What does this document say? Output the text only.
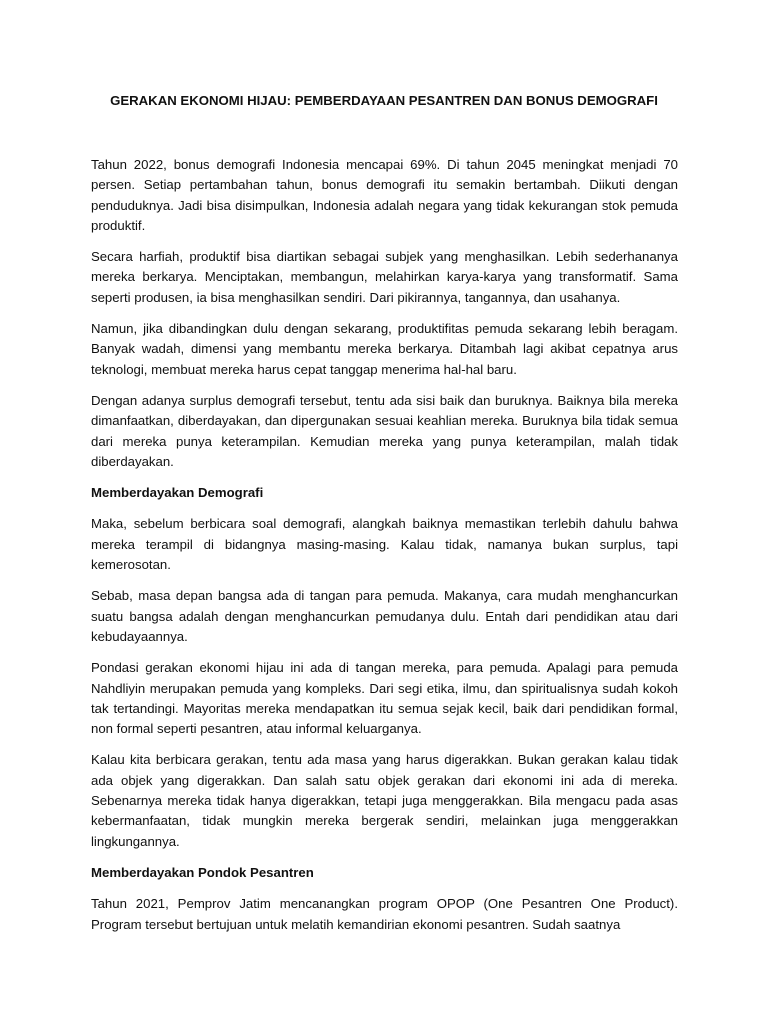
GERAKAN EKONOMI HIJAU: PEMBERDAYAAN PESANTREN DAN BONUS DEMOGRAFI

Tahun 2022, bonus demografi Indonesia mencapai 69%. Di tahun 2045 meningkat menjadi 70 persen. Setiap pertambahan tahun, bonus demografi itu semakin bertambah. Diikuti dengan penduduknya. Jadi bisa disimpulkan, Indonesia adalah negara yang tidak kekurangan stok pemuda produktif.

Secara harfiah, produktif bisa diartikan sebagai subjek yang menghasilkan. Lebih sederhananya mereka berkarya. Menciptakan, membangun, melahirkan karya-karya yang transformatif. Sama seperti produsen, ia bisa menghasilkan sendiri. Dari pikirannya, tangannya, dan usahanya.

Namun, jika dibandingkan dulu dengan sekarang, produktifitas pemuda sekarang lebih beragam. Banyak wadah, dimensi yang membantu mereka berkarya. Ditambah lagi akibat cepatnya arus teknologi, membuat mereka harus cepat tanggap menerima hal-hal baru.

Dengan adanya surplus demografi tersebut, tentu ada sisi baik dan buruknya. Baiknya bila mereka dimanfaatkan, diberdayakan, dan dipergunakan sesuai keahlian mereka. Buruknya bila tidak semua dari mereka punya keterampilan. Kemudian mereka yang punya keterampilan, malah tidak diberdayakan.

Memberdayakan Demografi

Maka, sebelum berbicara soal demografi, alangkah baiknya memastikan terlebih dahulu bahwa mereka terampil di bidangnya masing-masing. Kalau tidak, namanya bukan surplus, tapi kemerosotan.

Sebab, masa depan bangsa ada di tangan para pemuda. Makanya, cara mudah menghancurkan suatu bangsa adalah dengan menghancurkan pemudanya dulu. Entah dari pendidikan atau dari kebudayaannya.

Pondasi gerakan ekonomi hijau ini ada di tangan mereka, para pemuda. Apalagi para pemuda Nahdliyin merupakan pemuda yang kompleks. Dari segi etika, ilmu, dan spiritualisnya sudah kokoh tak tertandingi. Mayoritas mereka mendapatkan itu semua sejak kecil, baik dari pendidikan formal, non formal seperti pesantren, atau informal keluarganya.

Kalau kita berbicara gerakan, tentu ada masa yang harus digerakkan. Bukan gerakan kalau tidak ada objek yang digerakkan. Dan salah satu objek gerakan dari ekonomi ini ada di mereka. Sebenarnya mereka tidak hanya digerakkan, tetapi juga menggerakkan. Bila mengacu pada asas kebermanfaatan, tidak mungkin mereka bergerak sendiri, melainkan juga menggerakkan lingkungannya.

Memberdayakan Pondok Pesantren

Tahun 2021, Pemprov Jatim mencanangkan program OPOP (One Pesantren One Product). Program tersebut bertujuan untuk melatih kemandirian ekonomi pesantren. Sudah saatnya
